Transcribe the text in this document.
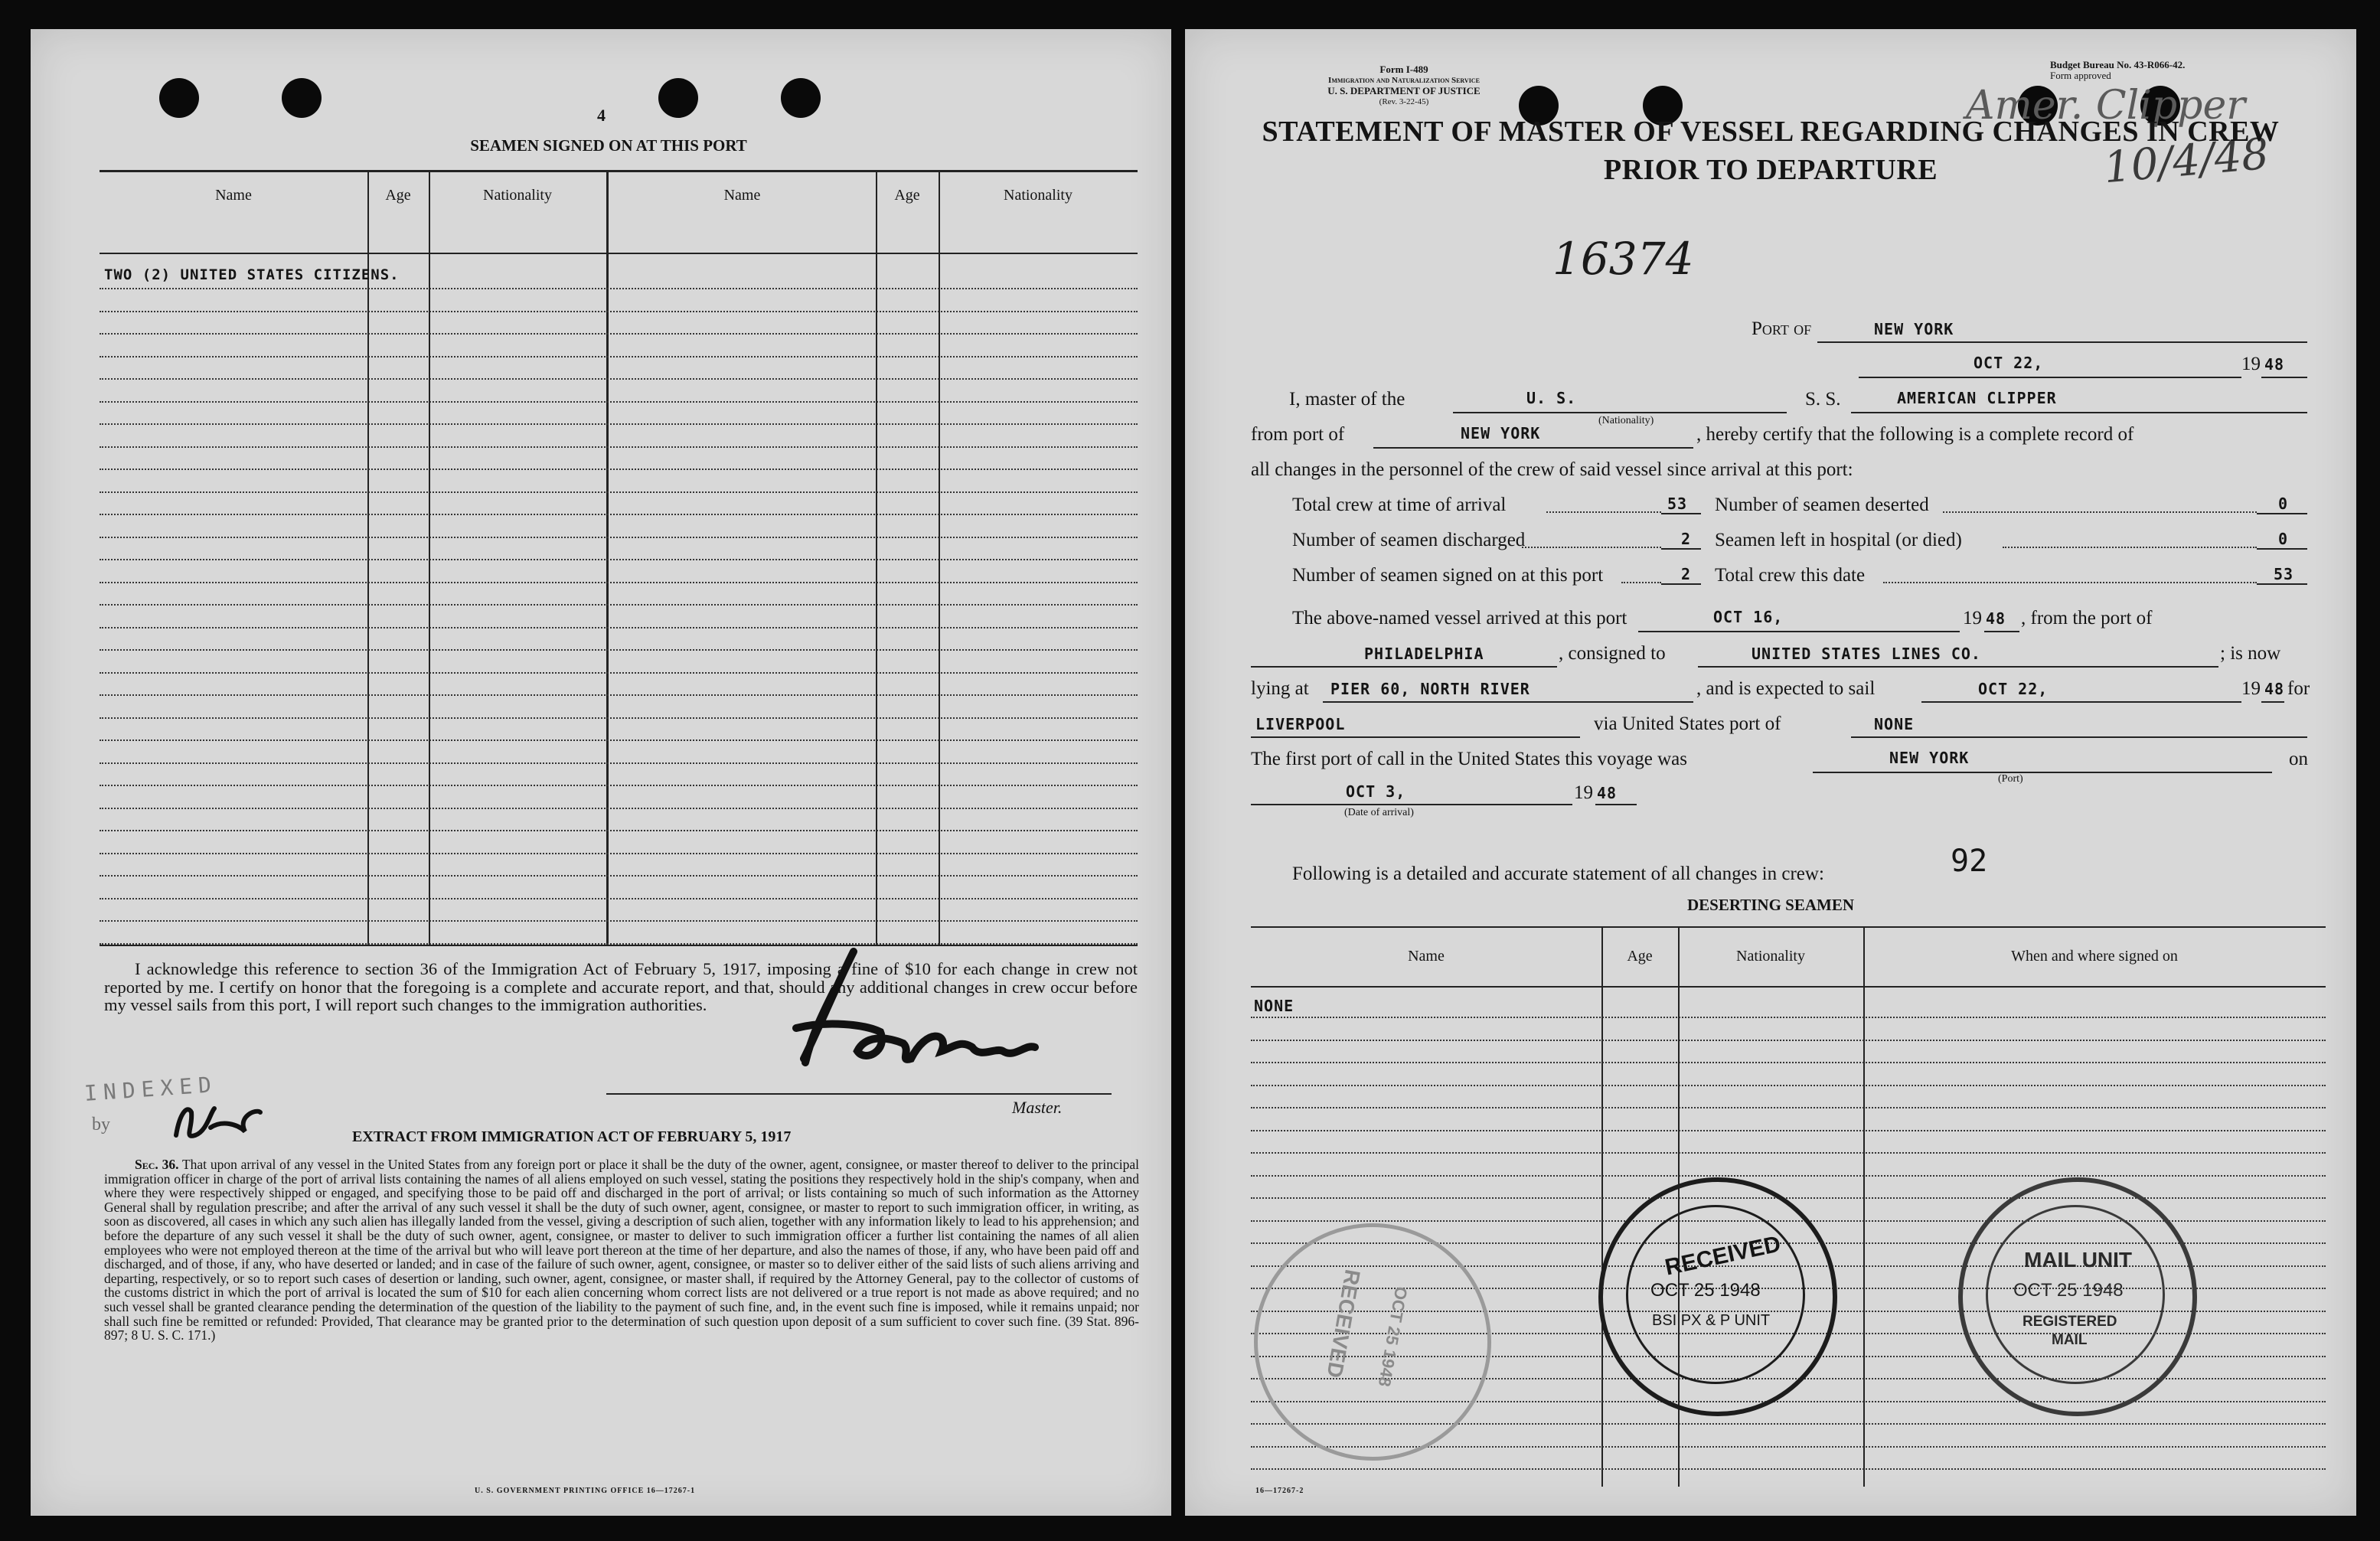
4
SEAMEN SIGNED ON AT THIS PORT
Name	Age	Nationality	Name	Age	Nationality
TWO (2) UNITED STATES CITIZENS.
I acknowledge this reference to section 36 of the Immigration Act of February 5, 1917, imposing a fine of $10 for each change in crew not reported by me. I certify on honor that the foregoing is a complete and accurate report, and that, should any additional changes in crew occur before my vessel sails from this port, I will report such changes to the immigration authorities.
Master.
INDEXED
by
EXTRACT FROM IMMIGRATION ACT OF FEBRUARY 5, 1917
Sec. 36. That upon arrival of any vessel in the United States from any foreign port or place it shall be the duty of the owner, agent, consignee, or master thereof to deliver to the principal immigration officer in charge of the port of arrival lists containing the names of all aliens employed on such vessel, stating the positions they respectively hold in the ship's company, when and where they were respectively shipped or engaged, and specifying those to be paid off and discharged in the port of arrival; or lists containing so much of such information as the Attorney General shall by regulation prescribe; and after the arrival of any such vessel it shall be the duty of such owner, agent, consignee, or master to report to such immigration officer, in writing, as soon as discovered, all cases in which any such alien has illegally landed from the vessel, giving a description of such alien, together with any information likely to lead to his apprehension; and before the departure of any such vessel it shall be the duty of such owner, agent, consignee, or master to deliver to such immigration officer a further list containing the names of all alien employees who were not employed thereon at the time of the arrival but who will leave port thereon at the time of her departure, and also the names of those, if any, who have been paid off and discharged, and of those, if any, who have deserted or landed; and in case of the failure of such owner, agent, consignee, or master so to deliver either of the said lists of such aliens arriving and departing, respectively, or so to report such cases of desertion or landing, such owner, agent, consignee, or master shall, if required by the Attorney General, pay to the collector of customs of the customs district in which the port of arrival is located the sum of $10 for each alien concerning whom correct lists are not delivered or a true report is not made as above required; and no such vessel shall be granted clearance pending the determination of the question of the liability to the payment of such fine, and, in the event such fine is imposed, while it remains unpaid; nor shall such fine be remitted or refunded: Provided, That clearance may be granted prior to the determination of such question upon deposit of a sum sufficient to cover such fine. (39 Stat. 896-897; 8 U. S. C. 171.)
U. S. GOVERNMENT PRINTING OFFICE 16—17267-1
Form I-489
Immigration and Naturalization Service
U. S. DEPARTMENT OF JUSTICE
(Rev. 3-22-45)
Budget Bureau No. 43-R066-42.
Form approved
Amer. Clipper
10/4/48
STATEMENT OF MASTER OF VESSEL REGARDING CHANGES IN CREW
PRIOR TO DEPARTURE
16374
Port of	NEW YORK
OCT 22,	19 48
I, master of the	U. S.
(Nationality)
S. S.	AMERICAN CLIPPER
from port of	NEW YORK	, hereby certify that the following is a complete record of
all changes in the personnel of the crew of said vessel since arrival at this port:
Total crew at time of arrival	53 Number of seamen deserted	0
Number of seamen discharged	2 Seamen left in hospital (or died)	0
Number of seamen signed on at this port	2 Total crew this date	53
The above-named vessel arrived at this port	OCT 16,	19 48 , from the port of
PHILADELPHIA	, consigned to	UNITED STATES LINES CO.	; is now
lying at PIER 60, NORTH RIVER	, and is expected to sail	OCT 22,	19 48 for
LIVERPOOL	via United States port of	NONE
The first port of call in the United States this voyage was	NEW YORK
(Port)
on
OCT 3,
(Date of arrival)
19 48
Following is a detailed and accurate statement of all changes in crew:	92
DESERTING SEAMEN
Name	Age	Nationality	When and where signed on
NONE
RECEIVED OCT 25 1948
RECEIVED
OCT 25 1948
BSI PX & P UNIT
MAIL UNIT
OCT 25 1948
REGISTERED
MAIL
16—17267-2
